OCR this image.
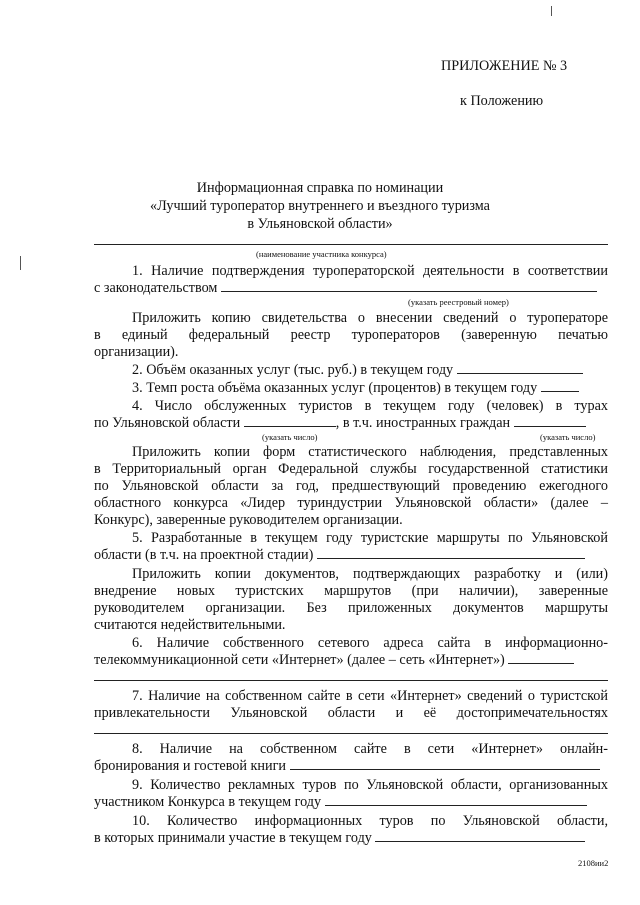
ПРИЛОЖЕНИЕ № 3
к Положению
Информационная справка по номинации
«Лучший туроператор внутреннего и въездного туризма
в Ульяновской области»
(наименование участника конкурса)
1. Наличие подтверждения туроператорской деятельности в соответствии
с законодательством
(указать реестровый номер)
Приложить копию свидетельства о внесении сведений о туроператоре
в единый федеральный реестр туроператоров (заверенную печатью
организации).
2. Объём оказанных услуг (тыс. руб.) в текущем году
3. Темп роста объёма оказанных услуг (процентов) в текущем году
4. Число обслуженных туристов в текущем году (человек) в турах
по Ульяновской области	, в т.ч. иностранных граждан
(указать число)	(указать число)
Приложить копии форм статистического наблюдения, представленных
в Территориальный орган Федеральной службы государственной статистики
по Ульяновской области за год, предшествующий проведению ежегодного
областного конкурса «Лидер туриндустрии Ульяновской области» (далее –
Конкурс), заверенные руководителем организации.
5. Разработанные в текущем году туристские маршруты по Ульяновской
области (в т.ч. на проектной стадии)
Приложить копии документов, подтверждающих разработку и (или)
внедрение новых туристских маршрутов (при наличии), заверенные
руководителем организации. Без приложенных документов маршруты
считаются недействительными.
6. Наличие собственного сетевого адреса сайта в информационно-
телекоммуникационной сети «Интернет» (далее – сеть «Интернет»)
7. Наличие на собственном сайте в сети «Интернет» сведений о туристской
привлекательности Ульяновской области и её достопримечательностях
8. Наличие на собственном сайте в сети «Интернет» онлайн-
бронирования и гостевой книги
9. Количество рекламных туров по Ульяновской области, организованных
участником Конкурса в текущем году
10. Количество информационных туров по Ульяновской области,
в которых принимали участие в текущем году
2108ии2
